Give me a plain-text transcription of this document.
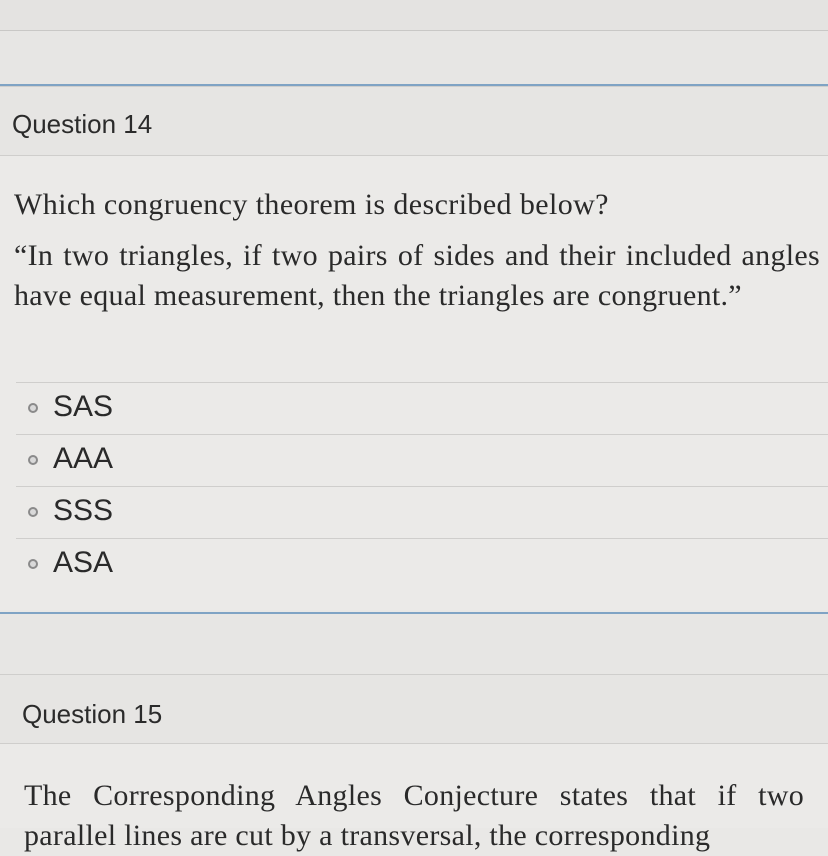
Question 14
Which congruency theorem is described below?
“In two triangles, if two pairs of sides and their included angles have equal measurement, then the triangles are congruent.”
SAS
AAA
SSS
ASA
Question 15
The Corresponding Angles Conjecture states that if two parallel lines are cut by a transversal, the corresponding
